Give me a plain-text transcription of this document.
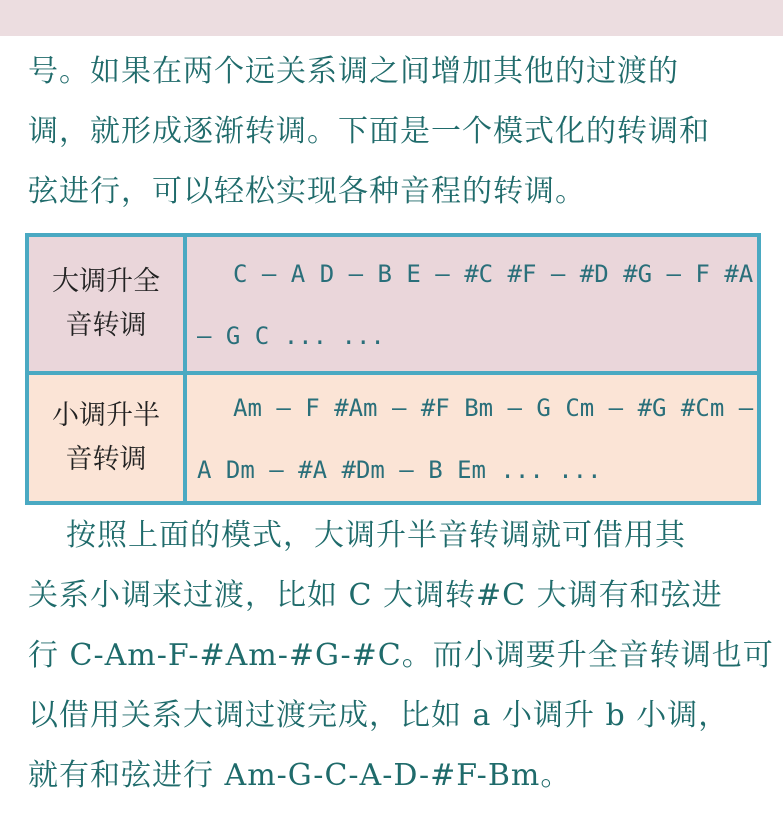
号。如果在两个远关系调之间增加其他的过渡的
调，就形成逐渐转调。下面是一个模式化的转调和
弦进行，可以轻松实现各种音程的转调。
大调升全
音转调
C – A D – B E – #C #F – #D #G – F #A
– G C ... ...
小调升半
音转调
Am – F #Am – #F Bm – G Cm – #G #Cm –
A Dm – #A #Dm – B Em ... ...
按照上面的模式，大调升半音转调就可借用其
关系小调来过渡，比如 C 大调转#C 大调有和弦进
行 C-Am-F-#Am-#G-#C。而小调要升全音转调也可
以借用关系大调过渡完成，比如 a 小调升 b 小调，
就有和弦进行 Am-G-C-A-D-#F-Bm。
